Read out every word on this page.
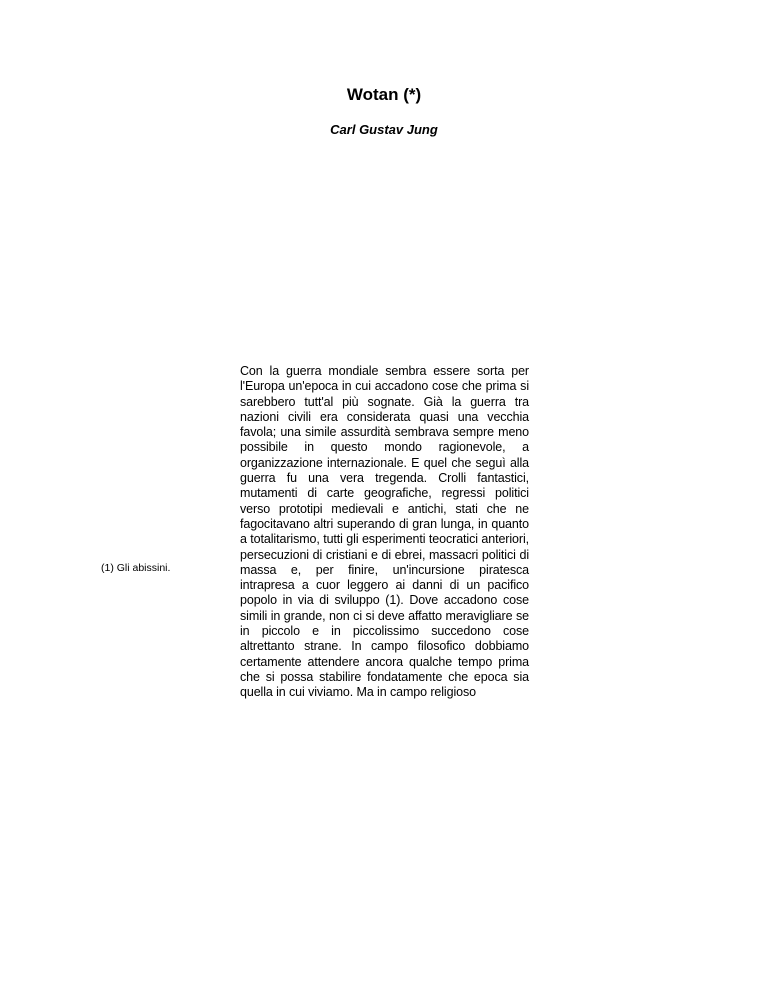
Wotan (*)
Carl Gustav Jung
(1) Gli abissini.

Con la guerra mondiale sembra essere sorta per l'Europa un'epoca in cui accadono cose che prima si sarebbero tutt'al più sognate. Già la guerra tra nazioni civili era considerata quasi una vecchia favola; una simile assurdità sembrava sempre meno possibile in questo mondo ragionevole, a organizzazione internazionale. E quel che seguì alla guerra fu una vera tregenda. Crolli fantastici, mutamenti di carte geografiche, regressi politici verso prototipi medievali e antichi, stati che ne fagocitavano altri superando di gran lunga, in quanto a totalitarismo, tutti gli esperimenti teocratici anteriori, persecuzioni di cristiani e di ebrei, massacri politici di massa e, per finire, un'incursione piratesca intrapresa a cuor leggero ai danni di un pacifico popolo in via di sviluppo (1). Dove accadono cose simili in grande, non ci si deve affatto meravigliare se in piccolo e in piccolissimo succedono cose altrettanto strane. In campo filosofico dobbiamo certamente attendere ancora qualche tempo prima che si possa stabilire fondatamente che epoca sia quella in cui viviamo. Ma in campo religioso
